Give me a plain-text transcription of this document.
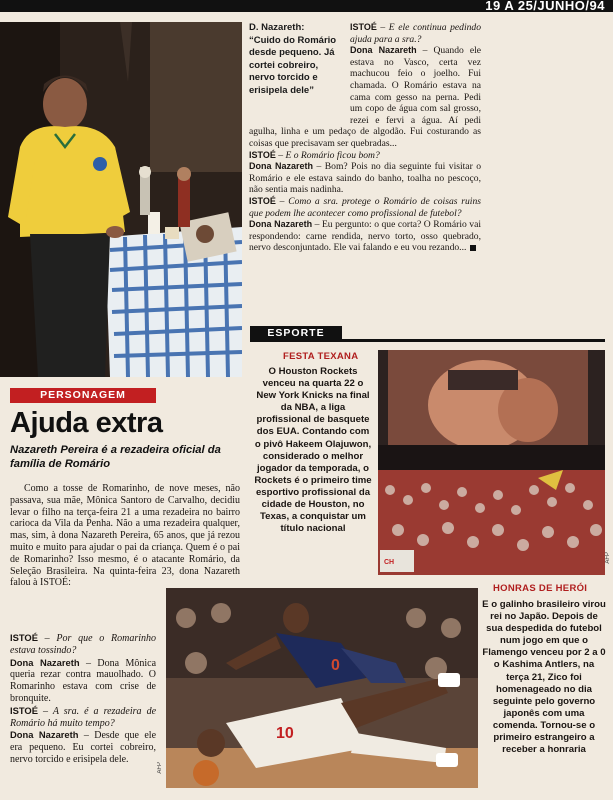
19 A 25/JUNHO/94
D. Nazareth:
“Cuido do Romário desde pequeno. Já cortei cobreiro, nervo torcido e erisipela dele”

ISTOÉ – E ele continua pedindo ajuda para a sra.?

Dona Nazareth – Quando ele estava no Vasco, certa vez machucou feio o joelho. Fui chamada. O Romário estava na cama com gesso na perna. Pedi um copo de água com sal grosso, rezei e fervi a água. Aí pedi agulha, linha e um pedaço de algodão. Fui costurando as coisas que precisavam ser quebradas...

ISTOÉ – E o Romário ficou bom?

Dona Nazareth – Bom? Pois no dia seguinte fui visitar o Romário e ele estava saindo do banho, toalha no pescoço, não sentia mais nadinha.

ISTOÉ – Como a sra. protege o Romário de coisas ruins que podem lhe acontecer como profissional de futebol?

Dona Nazareth – Eu pergunto: o que corta? O Romário vai respondendo: carne rendida, nervo torto, osso quebrado, nervo desconjuntado. Ele vai falando e eu vou rezando...

ESPORTE
FESTA TEXANA
O Houston Rockets venceu na quarta 22 o New York Knicks na final da NBA, a liga profissional de basquete dos EUA. Contando com o pivô Hakeem Olajuwon, considerado o melhor jogador da temporada, o Rockets é o primeiro time esportivo profissional da cidade de Houston, no Texas, a conquistar um título nacional
CH	AFP
HONRAS DE HERÓI
E o galinho brasileiro virou rei no Japão. Depois de sua despedida do futebol num jogo em que o Flamengo venceu por 2 a 0 o Kashima Antlers, na terça 21, Zico foi homenageado no dia seguinte pelo governo japonês com uma comenda. Tornou-se o primeiro estrangeiro a receber a honraria
0
10
AFP
PERSONAGEM
Ajuda extra
Nazareth Pereira é a rezadeira oficial da família de Romário
Como a tosse de Romarinho, de nove meses, não passava, sua mãe, Mônica Santoro de Carvalho, decidiu levar o filho na terça-feira 21 a uma rezadeira no bairro carioca da Vila da Penha. Não a uma rezadeira qualquer, mas, sim, à dona Nazareth Pereira, 65 anos, que já rezou muito e muito para ajudar o pai da criança. Quem é o pai de Romarinho? Isso mesmo, é o atacante Romário, da Seleção Brasileira. Na quinta-feira 23, dona Nazareth falou à ISTOÉ:

ISTOÉ – Por que o Romarinho estava tossindo?

Dona Nazareth – Dona Mônica queria rezar contra mauolhado. O Romarinho estava com crise de bronquite.

ISTOÉ – A sra. é a rezadeira de Romário há muito tempo?

Dona Nazareth – Desde que ele era pequeno. Eu cortei cobreiro, nervo torcido e erisipela dele.
